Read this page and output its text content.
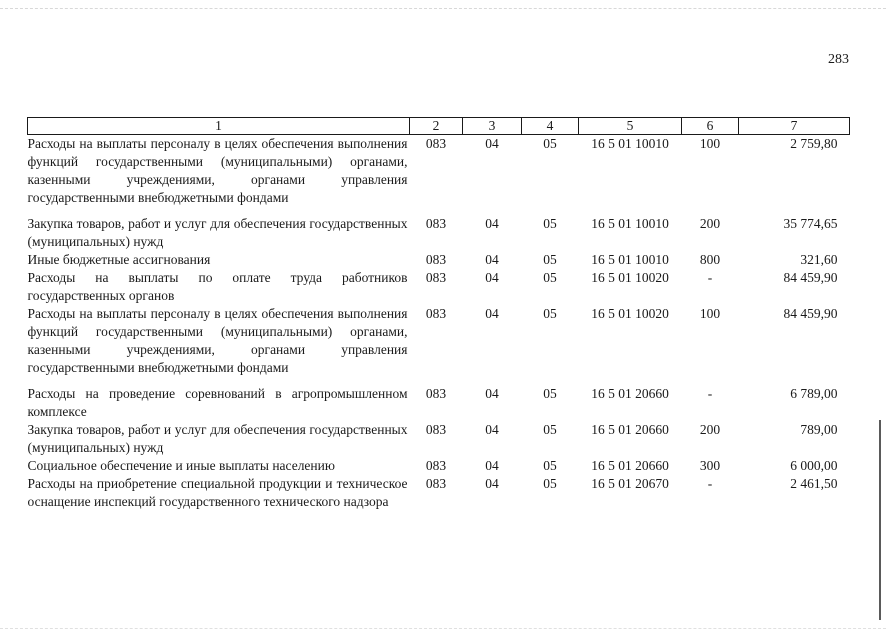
283
1	2	3	4	5	6	7
Расходы на выплаты персоналу в целях обеспечения выполнения функций государственными (муниципальными) органами, казенными учреждениями, органами управления государственными внебюджетными фондами	083	04	05	16 5 01 10010	100	2 759,80
Закупка товаров, работ и услуг для обеспечения государственных (муниципальных) нужд	083	04	05	16 5 01 10010	200	35 774,65
Иные бюджетные ассигнования	083	04	05	16 5 01 10010	800	321,60
Расходы на выплаты по оплате труда работников государственных органов	083	04	05	16 5 01 10020	-	84 459,90
Расходы на выплаты персоналу в целях обеспечения выполнения функций государственными (муниципальными) органами, казенными учреждениями, органами управления государственными внебюджетными фондами	083	04	05	16 5 01 10020	100	84 459,90
Расходы на проведение соревнований в агропромышленном комплексе	083	04	05	16 5 01 20660	-	6 789,00
Закупка товаров, работ и услуг для обеспечения государственных (муниципальных) нужд	083	04	05	16 5 01 20660	200	789,00
Социальное обеспечение и иные выплаты населению	083	04	05	16 5 01 20660	300	6 000,00
Расходы на приобретение специальной продукции и техническое оснащение инспекций государственного технического надзора	083	04	05	16 5 01 20670	-	2 461,50
